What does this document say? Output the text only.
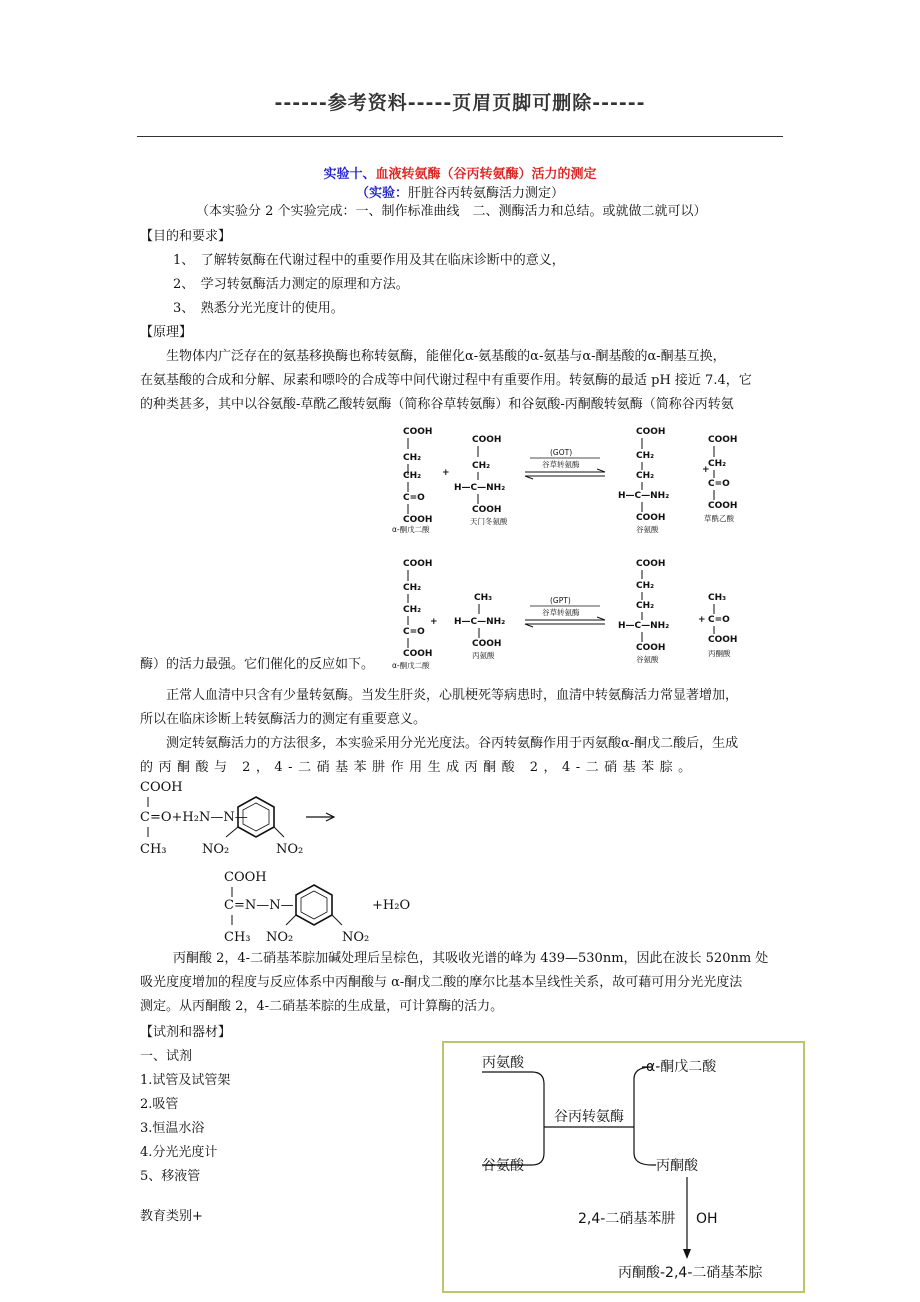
------参考资料-----页眉页脚可删除------
实验十、血液转氨酶（谷丙转氨酶）活力的测定
（实验：肝脏谷丙转氨酶活力测定）
（本实验分 2 个实验完成：一、制作标准曲线　二、测酶活力和总结。或就做二就可以）
【目的和要求】
1、　了解转氨酶在代谢过程中的重要作用及其在临床诊断中的意义，
2、　学习转氨酶活力测定的原理和方法。
3、　熟悉分光光度计的使用。
【原理】
生物体内广泛存在的氨基移换酶也称转氨酶，能催化α-氨基酸的α-氨基与α-酮基酸的α-酮基互换，
在氨基酸的合成和分解、尿素和嘌呤的合成等中间代谢过程中有重要作用。转氨酶的最适 pH 接近 7.4，它
的种类甚多，其中以谷氨酸-草酰乙酸转氨酶（简称谷草转氨酶）和谷氨酸-丙酮酸转氨酶（简称谷丙转氨
COOH
CH₂
CH₂
C=O
COOH
α-酮戊二酸
+
COOH
CH₂
H—C—NH₂
COOH
天门冬氨酸
(GOT)
谷草转氨酶
COOH
CH₂
CH₂
H—C—NH₂
COOH
谷氨酸
+
COOH
CH₂
C=O
COOH
草酰乙酸
COOH
CH₂
CH₂
C=O
COOH
α-酮戊二酸
+
CH₃
H—C—NH₂
COOH
丙氨酸
(GPT)
谷草转氨酶
COOH
CH₂
CH₂
H—C—NH₂
COOH
谷氨酸
+
CH₃
C=O
COOH
丙酮酸
酶）的活力最强。它们催化的反应如下。
正常人血清中只含有少量转氨酶。当发生肝炎，心肌梗死等病患时，血清中转氨酶活力常显著增加，
所以在临床诊断上转氨酶活力的测定有重要意义。
测定转氨酶活力的方法很多，本实验采用分光光度法。谷丙转氨酶作用于丙氨酸α-酮戊二酸后，生成
的丙酮酸与 2，4-二硝基苯肼作用生成丙酮酸 2，4-二硝基苯腙。
COOH
C=O+H₂N—N—
CH₃	NO₂	NO₂
COOH
C=N—N—
CH₃ NO₂	NO₂
+H₂O
丙酮酸 2，4-二硝基苯腙加碱处理后呈棕色，其吸收光谱的峰为 439—530nm，因此在波长 520nm 处
吸光度度增加的程度与反应体系中丙酮酸与 α-酮戊二酸的摩尔比基本呈线性关系，故可藉可用分光光度法
测定。从丙酮酸 2，4-二硝基苯腙的生成量，可计算酶的活力。
【试剂和器材】
一、试剂
1.试管及试管架
2.吸管
3.恒温水浴
4.分光光度计
5、移液管
教育类别+
丙氨酸
谷氨酸
谷丙转氨酶
α-酮戊二酸
丙酮酸
2,4-二硝基苯肼 OH
丙酮酸-2,4-二硝基苯腙
